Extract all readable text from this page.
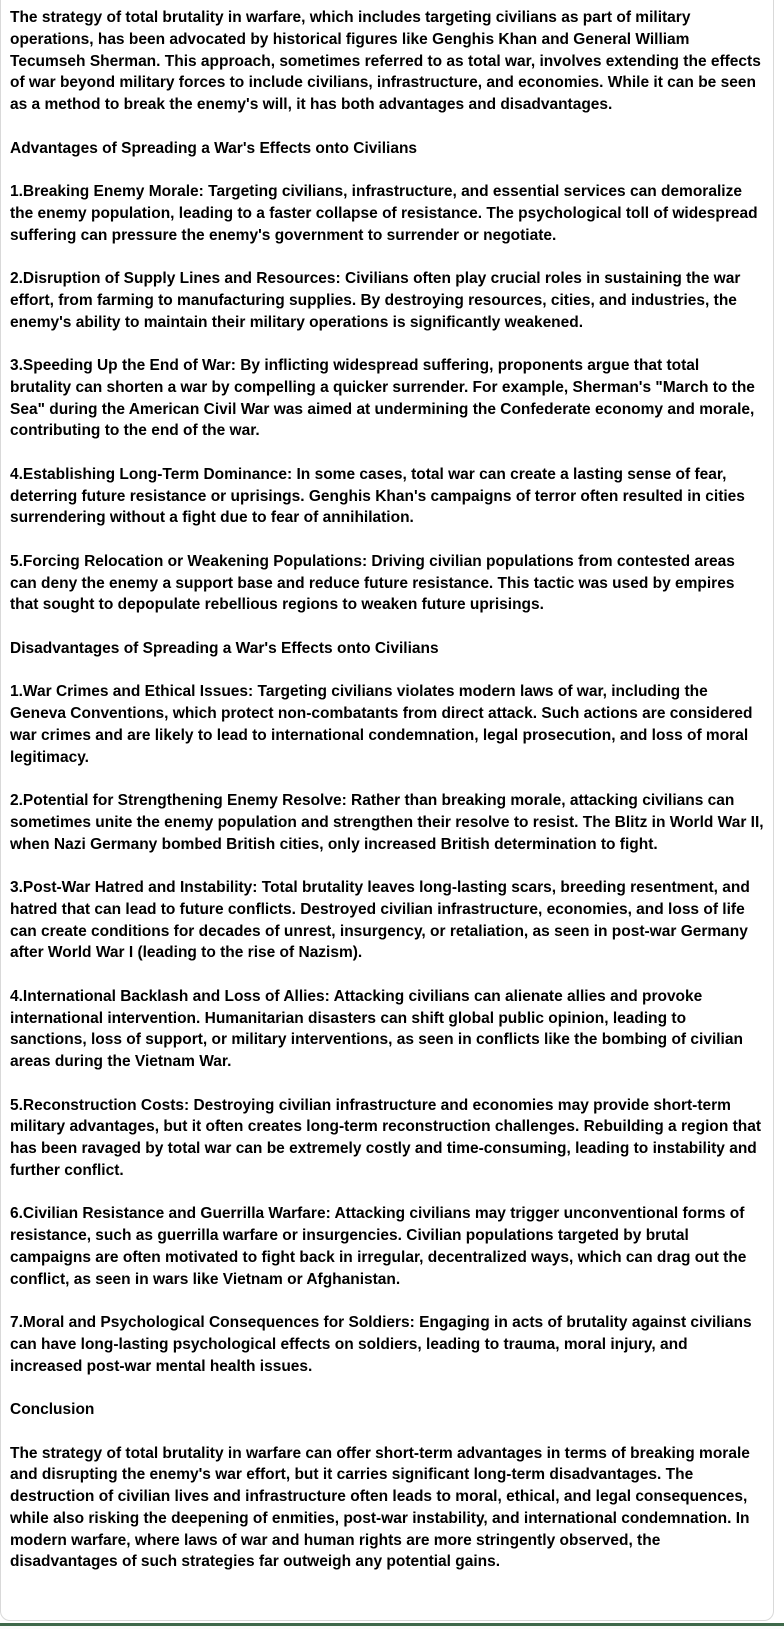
The strategy of total brutality in warfare, which includes targeting civilians as part of military operations, has been advocated by historical figures like Genghis Khan and General William Tecumseh Sherman. This approach, sometimes referred to as total war, involves extending the effects of war beyond military forces to include civilians, infrastructure, and economies. While it can be seen as a method to break the enemy's will, it has both advantages and disadvantages.

Advantages of Spreading a War's Effects onto Civilians

1.Breaking Enemy Morale: Targeting civilians, infrastructure, and essential services can demoralize the enemy population, leading to a faster collapse of resistance. The psychological toll of widespread suffering can pressure the enemy's government to surrender or negotiate.

2.Disruption of Supply Lines and Resources: Civilians often play crucial roles in sustaining the war effort, from farming to manufacturing supplies. By destroying resources, cities, and industries, the enemy's ability to maintain their military operations is significantly weakened.

3.Speeding Up the End of War: By inflicting widespread suffering, proponents argue that total brutality can shorten a war by compelling a quicker surrender. For example, Sherman's "March to the Sea" during the American Civil War was aimed at undermining the Confederate economy and morale, contributing to the end of the war.

4.Establishing Long-Term Dominance: In some cases, total war can create a lasting sense of fear, deterring future resistance or uprisings. Genghis Khan's campaigns of terror often resulted in cities surrendering without a fight due to fear of annihilation.

5.Forcing Relocation or Weakening Populations: Driving civilian populations from contested areas can deny the enemy a support base and reduce future resistance. This tactic was used by empires that sought to depopulate rebellious regions to weaken future uprisings.

Disadvantages of Spreading a War's Effects onto Civilians

1.War Crimes and Ethical Issues: Targeting civilians violates modern laws of war, including the Geneva Conventions, which protect non-combatants from direct attack. Such actions are considered war crimes and are likely to lead to international condemnation, legal prosecution, and loss of moral legitimacy.

2.Potential for Strengthening Enemy Resolve: Rather than breaking morale, attacking civilians can sometimes unite the enemy population and strengthen their resolve to resist. The Blitz in World War II, when Nazi Germany bombed British cities, only increased British determination to fight.

3.Post-War Hatred and Instability: Total brutality leaves long-lasting scars, breeding resentment, and hatred that can lead to future conflicts. Destroyed civilian infrastructure, economies, and loss of life can create conditions for decades of unrest, insurgency, or retaliation, as seen in post-war Germany after World War I (leading to the rise of Nazism).

4.International Backlash and Loss of Allies: Attacking civilians can alienate allies and provoke international intervention. Humanitarian disasters can shift global public opinion, leading to sanctions, loss of support, or military interventions, as seen in conflicts like the bombing of civilian areas during the Vietnam War.

5.Reconstruction Costs: Destroying civilian infrastructure and economies may provide short-term military advantages, but it often creates long-term reconstruction challenges. Rebuilding a region that has been ravaged by total war can be extremely costly and time-consuming, leading to instability and further conflict.

6.Civilian Resistance and Guerrilla Warfare: Attacking civilians may trigger unconventional forms of resistance, such as guerrilla warfare or insurgencies. Civilian populations targeted by brutal campaigns are often motivated to fight back in irregular, decentralized ways, which can drag out the conflict, as seen in wars like Vietnam or Afghanistan.

7.Moral and Psychological Consequences for Soldiers: Engaging in acts of brutality against civilians can have long-lasting psychological effects on soldiers, leading to trauma, moral injury, and increased post-war mental health issues.

Conclusion

The strategy of total brutality in warfare can offer short-term advantages in terms of breaking morale and disrupting the enemy's war effort, but it carries significant long-term disadvantages. The destruction of civilian lives and infrastructure often leads to moral, ethical, and legal consequences, while also risking the deepening of enmities, post-war instability, and international condemnation. In modern warfare, where laws of war and human rights are more stringently observed, the disadvantages of such strategies far outweigh any potential gains.
